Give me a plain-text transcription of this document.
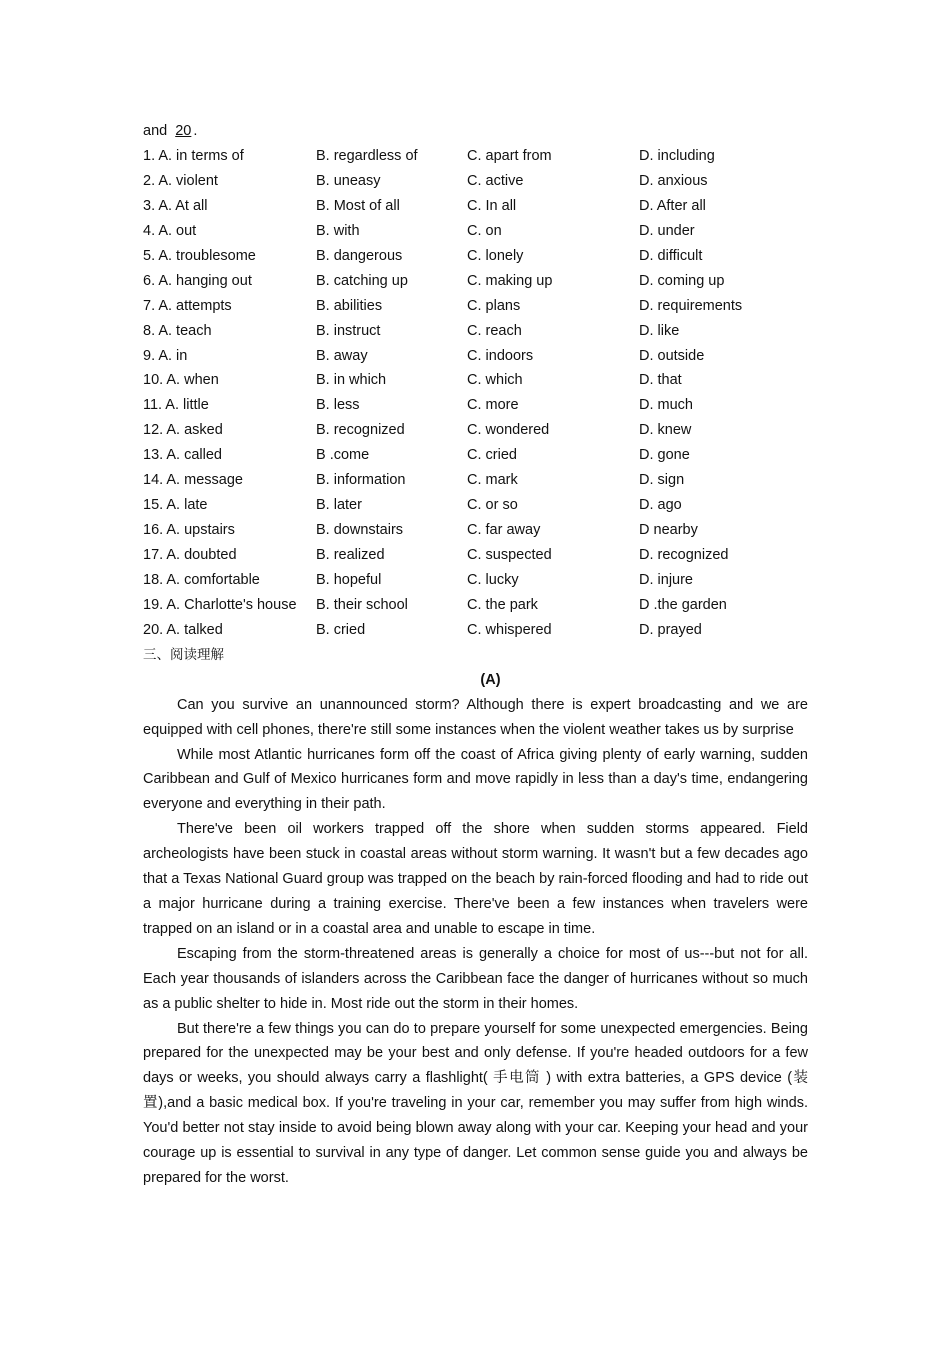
and 20 .
1. A. in terms of	B. regardless of	C. apart from	D. including
2. A. violent	B. uneasy	C. active	D. anxious
3. A. At all	B. Most of all	C. In all	D. After all
4. A. out	B. with	C. on	D. under
5. A. troublesome	B. dangerous	C. lonely	D. difficult
6. A. hanging out	B. catching up	C. making up	D. coming up
7. A. attempts	B. abilities	C. plans	D. requirements
8. A. teach	B. instruct	C. reach	D. like
9. A. in	B. away	C. indoors	D. outside
10. A. when	B. in which	C. which	D. that
11. A. little	B. less	C. more	D. much
12. A. asked	B. recognized	C. wondered	D. knew
13. A. called	B .come	C. cried	D. gone
14. A. message	B. information	C. mark	D. sign
15. A. late	B. later	C. or so	D. ago
16. A. upstairs	B. downstairs	C. far away	D nearby
17. A. doubted	B. realized	C. suspected	D. recognized
18. A. comfortable	B. hopeful	C. lucky	D. injure
19. A. Charlotte's house B. their school	C. the park	D .the garden
20. A. talked	B. cried	C. whispered	D. prayed
三、阅读理解
(A)

Can you survive an unannounced storm? Although there is expert broadcasting and we are equipped with cell phones, there're still some instances when the violent weather takes us by surprise

While most Atlantic hurricanes form off the coast of Africa giving plenty of early warning, sudden Caribbean and Gulf of Mexico hurricanes form and move rapidly in less than a day's time, endangering everyone and everything in their path.

There've been oil workers trapped off the shore when sudden storms appeared. Field archeologists have been stuck in coastal areas without storm warning. It wasn't but a few decades ago that a Texas National Guard group was trapped on the beach by rain-forced flooding and had to ride out a major hurricane during a training exercise. There've been a few instances when travelers were trapped on an island or in a coastal area and unable to escape in time.

Escaping from the storm-threatened areas is generally a choice for most of us---but not for all. Each year thousands of islanders across the Caribbean face the danger of hurricanes without so much as a public shelter to hide in. Most ride out the storm in their homes.

But there're a few things you can do to prepare yourself for some unexpected emergencies. Being prepared for the unexpected may be your best and only defense. If you're headed outdoors for a few days or weeks, you should always carry a flashlight( 手电筒 ) with extra batteries, a GPS device (装置),and a basic medical box. If you're traveling in your car, remember you may suffer from high winds. You'd better not stay inside to avoid being blown away along with your car. Keeping your head and your courage up is essential to survival in any type of danger. Let common sense guide you and always be prepared for the worst.
